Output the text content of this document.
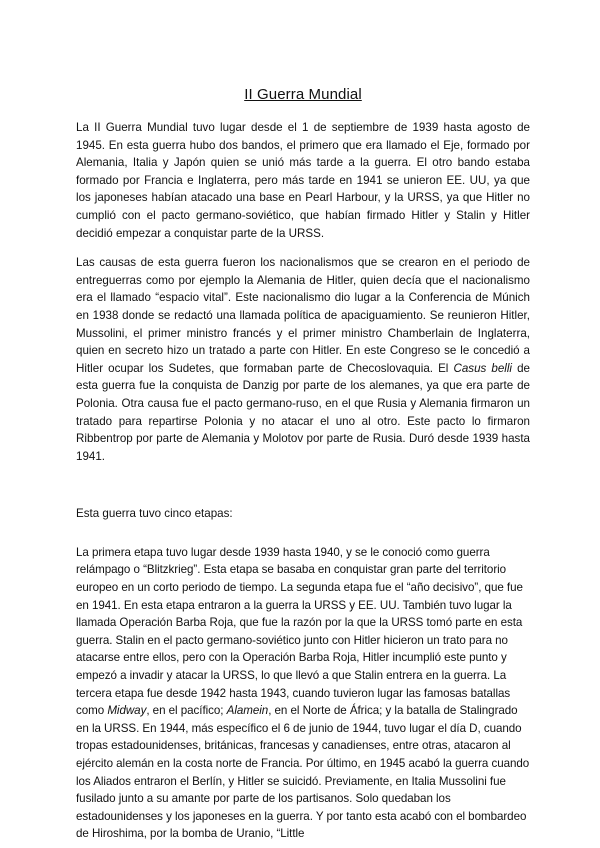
II Guerra Mundial

La II Guerra Mundial tuvo lugar desde el 1 de septiembre de 1939 hasta agosto de 1945. En esta guerra hubo dos bandos, el primero que era llamado el Eje, formado por Alemania, Italia y Japón quien se unió más tarde a la guerra. El otro bando estaba formado por Francia e Inglaterra, pero más tarde en 1941 se unieron EE. UU, ya que los japoneses habían atacado una base en Pearl Harbour, y la URSS, ya que Hitler no cumplió con el pacto germano-soviético, que habían firmado Hitler y Stalin y Hitler decidió empezar a conquistar parte de la URSS.

Las causas de esta guerra fueron los nacionalismos que se crearon en el periodo de entreguerras como por ejemplo la Alemania de Hitler, quien decía que el nacionalismo era el llamado “espacio vital”. Este nacionalismo dio lugar a la Conferencia de Múnich en 1938 donde se redactó una llamada política de apaciguamiento. Se reunieron Hitler, Mussolini, el primer ministro francés y el primer ministro Chamberlain de Inglaterra, quien en secreto hizo un tratado a parte con Hitler. En este Congreso se le concedió a Hitler ocupar los Sudetes, que formaban parte de Checoslovaquia. El Casus belli de esta guerra fue la conquista de Danzig por parte de los alemanes, ya que era parte de Polonia. Otra causa fue el pacto germano-ruso, en el que Rusia y Alemania firmaron un tratado para repartirse Polonia y no atacar el uno al otro. Este pacto lo firmaron Ribbentrop por parte de Alemania y Molotov por parte de Rusia. Duró desde 1939 hasta 1941.

Esta guerra tuvo cinco etapas:

La primera etapa tuvo lugar desde 1939 hasta 1940, y se le conoció como guerra relámpago o “Blitzkrieg”. Esta etapa se basaba en conquistar gran parte del territorio europeo en un corto periodo de tiempo. La segunda etapa fue el “año decisivo”, que fue en 1941. En esta etapa entraron a la guerra la URSS y EE. UU. También tuvo lugar la llamada Operación Barba Roja, que fue la razón por la que la URSS tomó parte en esta guerra. Stalin en el pacto germano-soviético junto con Hitler hicieron un trato para no atacarse entre ellos, pero con la Operación Barba Roja, Hitler incumplió este punto y empezó a invadir y atacar la URSS, lo que llevó a que Stalin entrera en la guerra. La tercera etapa fue desde 1942 hasta 1943, cuando tuvieron lugar las famosas batallas como Midway, en el pacífico; Alamein, en el Norte de África; y la batalla de Stalingrado en la URSS. En 1944, más específico el 6 de junio de 1944, tuvo lugar el día D, cuando tropas estadounidenses, británicas, francesas y canadienses, entre otras, atacaron al ejército alemán en la costa norte de Francia. Por último, en 1945 acabó la guerra cuando los Aliados entraron el Berlín, y Hitler se suicidó. Previamente, en Italia Mussolini fue fusilado junto a su amante por parte de los partisanos. Solo quedaban los estadounidenses y los japoneses en la guerra. Y por tanto esta acabó con el bombardeo de Hiroshima, por la bomba de Uranio, “Little
